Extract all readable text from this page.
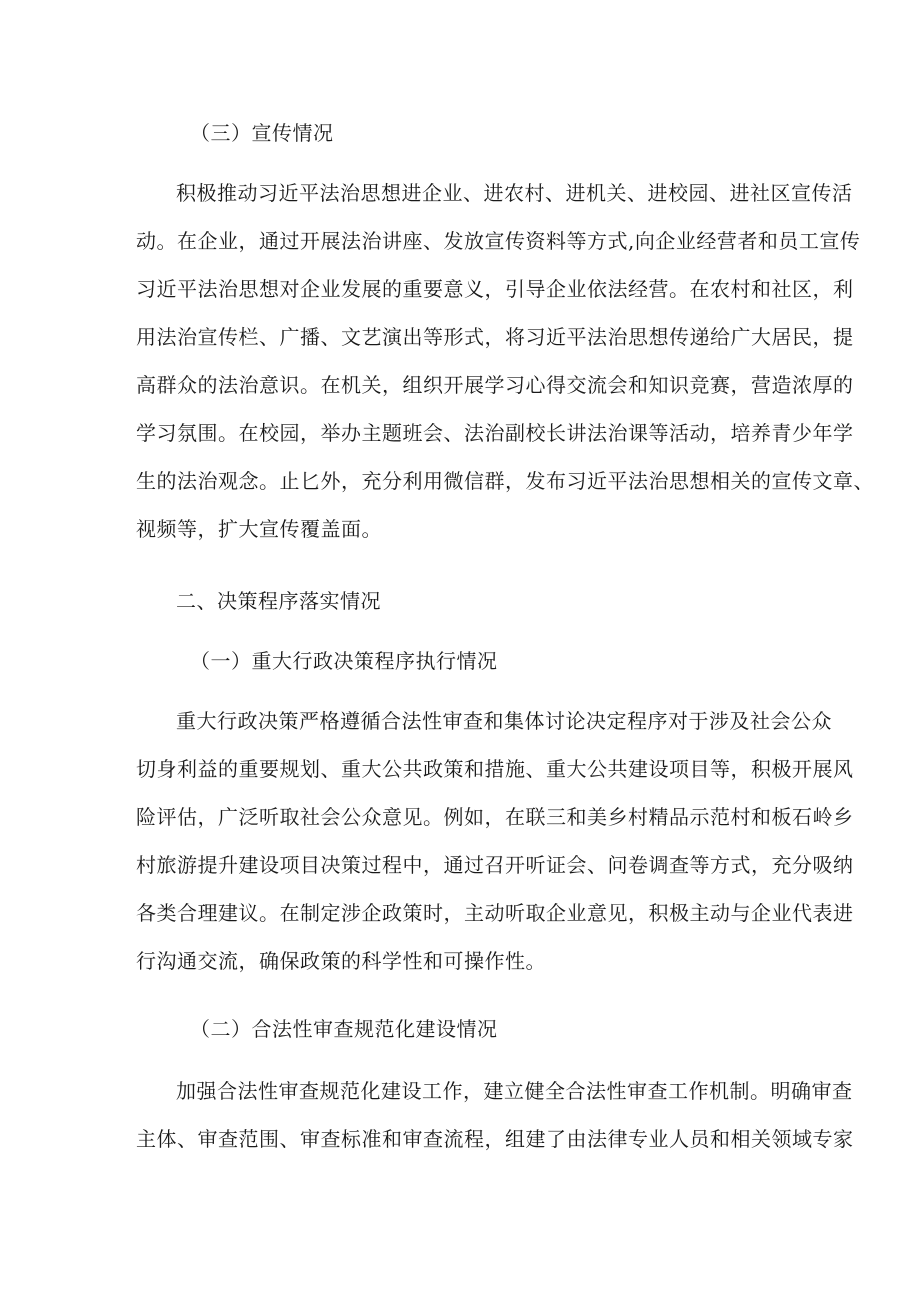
（三）宣传情况
积极推动习近平法治思想进企业、进农村、进机关、进校园、进社区宣传活
动。在企业，通过开展法治讲座、发放宣传资料等方式,向企业经营者和员工宣传
习近平法治思想对企业发展的重要意义，引导企业依法经营。在农村和社区，利
用法治宣传栏、广播、文艺演出等形式，将习近平法治思想传递给广大居民，提
高群众的法治意识。在机关，组织开展学习心得交流会和知识竞赛，营造浓厚的
学习氛围。在校园，举办主题班会、法治副校长讲法治课等活动，培养青少年学
生的法治观念。止匕外，充分利用微信群，发布习近平法治思想相关的宣传文章、
视频等，扩大宣传覆盖面。
二、决策程序落实情况
（一）重大行政决策程序执行情况
重大行政决策严格遵循合法性审查和集体讨论决定程序对于涉及社会公众
切身利益的重要规划、重大公共政策和措施、重大公共建设项目等，积极开展风
险评估，广泛听取社会公众意见。例如，在联三和美乡村精品示范村和板石岭乡
村旅游提升建设项目决策过程中，通过召开听证会、问卷调查等方式，充分吸纳
各类合理建议。在制定涉企政策时，主动听取企业意见，积极主动与企业代表进
行沟通交流，确保政策的科学性和可操作性。
（二）合法性审查规范化建设情况
加强合法性审查规范化建设工作，建立健全合法性审查工作机制。明确审查
主体、审查范围、审查标准和审查流程，组建了由法律专业人员和相关领域专家
